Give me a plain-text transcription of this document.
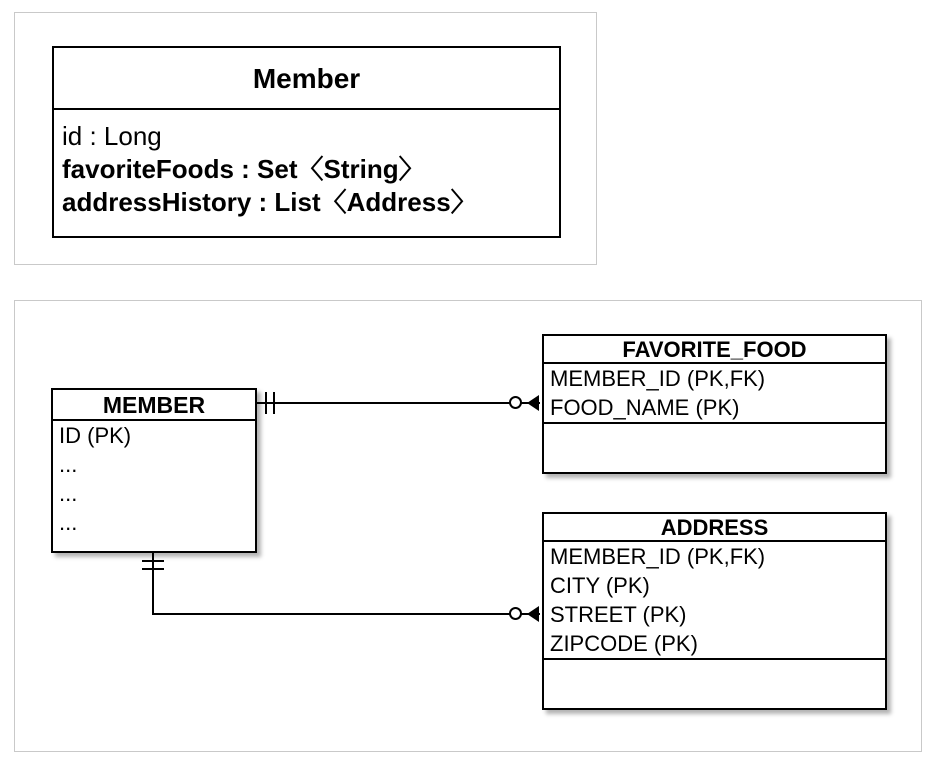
Member
id : Long
favoriteFoods : Set〈String〉
addressHistory : List〈Address〉
MEMBER
ID (PK)
...
...
...
FAVORITE_FOOD
MEMBER_ID (PK,FK)
FOOD_NAME (PK)
ADDRESS
MEMBER_ID (PK,FK)
CITY (PK)
STREET (PK)
ZIPCODE (PK)
